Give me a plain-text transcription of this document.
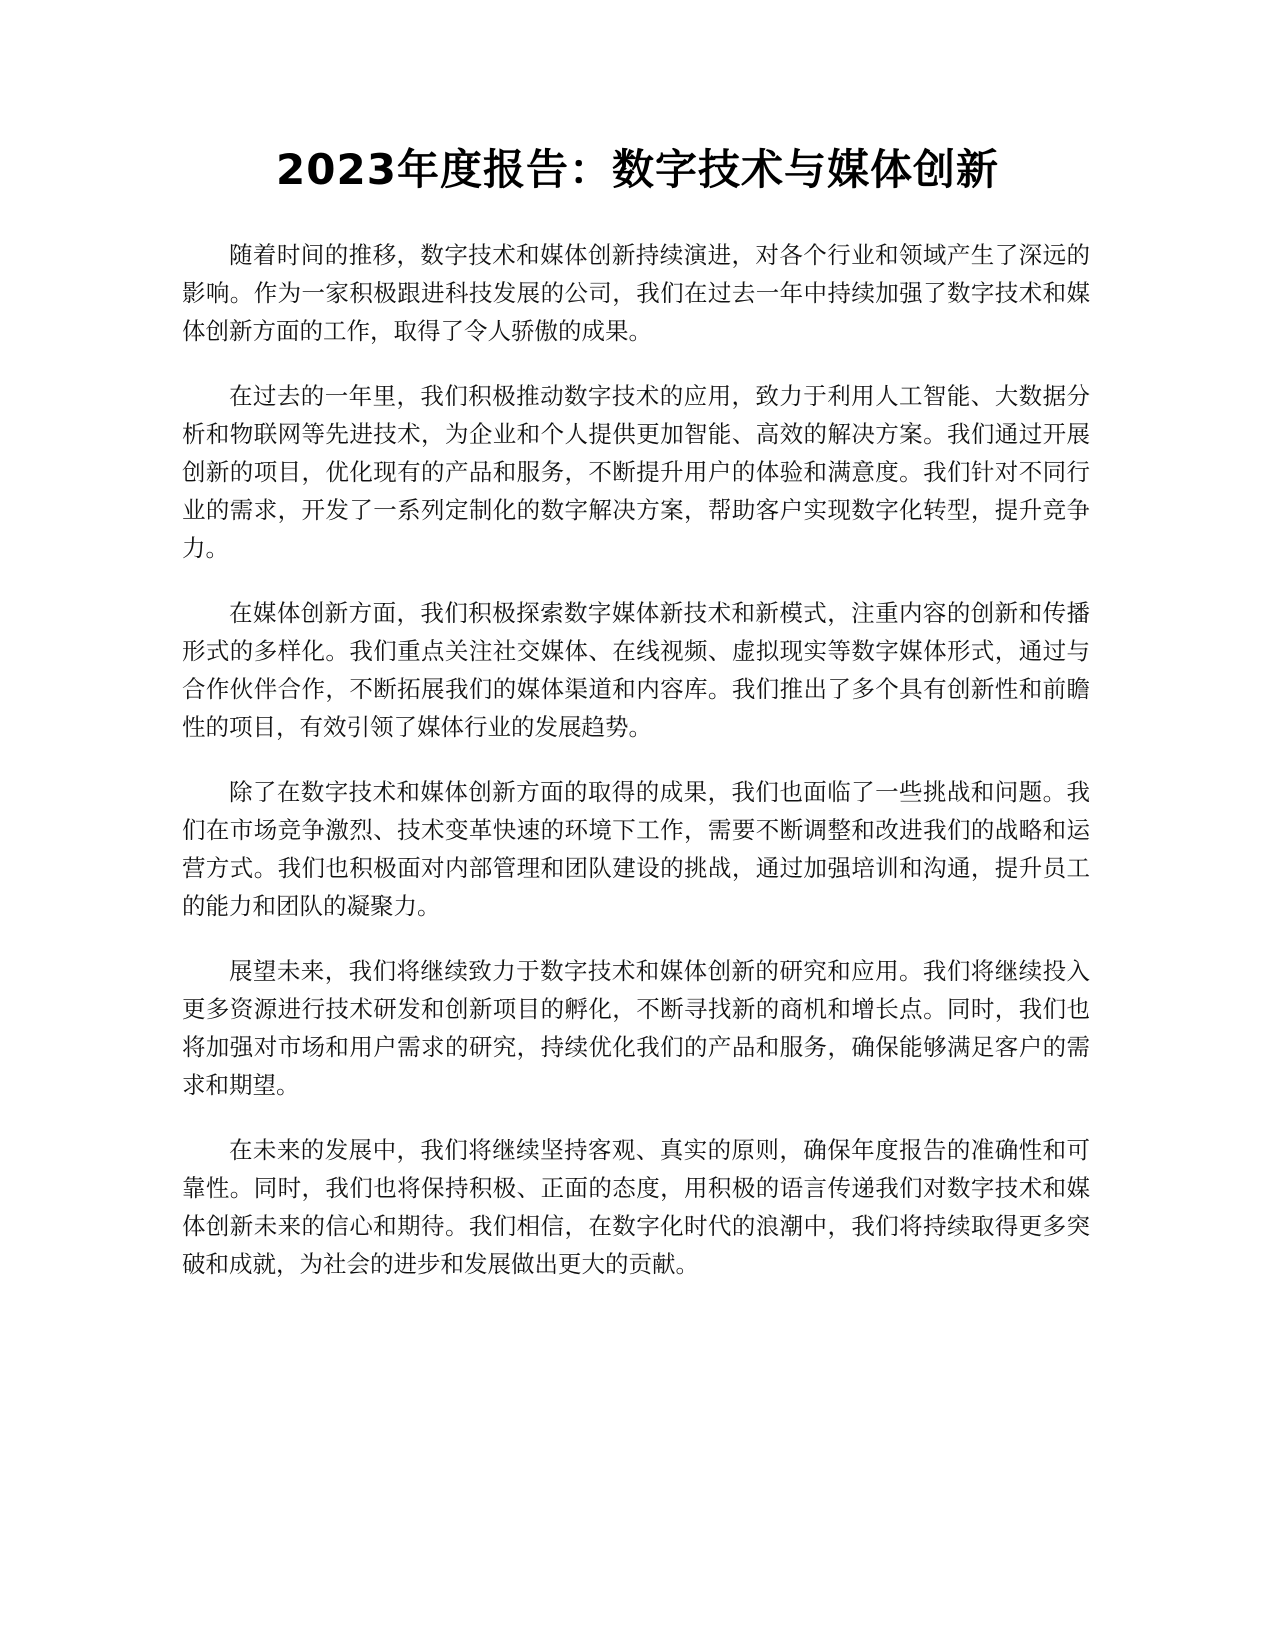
2023年度报告：数字技术与媒体创新

随着时间的推移，数字技术和媒体创新持续演进，对各个行业和领域产生了深远的影响。作为一家积极跟进科技发展的公司，我们在过去一年中持续加强了数字技术和媒体创新方面的工作，取得了令人骄傲的成果。

在过去的一年里，我们积极推动数字技术的应用，致力于利用人工智能、大数据分析和物联网等先进技术，为企业和个人提供更加智能、高效的解决方案。我们通过开展创新的项目，优化现有的产品和服务，不断提升用户的体验和满意度。我们针对不同行业的需求，开发了一系列定制化的数字解决方案，帮助客户实现数字化转型，提升竞争力。

在媒体创新方面，我们积极探索数字媒体新技术和新模式，注重内容的创新和传播形式的多样化。我们重点关注社交媒体、在线视频、虚拟现实等数字媒体形式，通过与合作伙伴合作，不断拓展我们的媒体渠道和内容库。我们推出了多个具有创新性和前瞻性的项目，有效引领了媒体行业的发展趋势。

除了在数字技术和媒体创新方面的取得的成果，我们也面临了一些挑战和问题。我们在市场竞争激烈、技术变革快速的环境下工作，需要不断调整和改进我们的战略和运营方式。我们也积极面对内部管理和团队建设的挑战，通过加强培训和沟通，提升员工的能力和团队的凝聚力。

展望未来，我们将继续致力于数字技术和媒体创新的研究和应用。我们将继续投入更多资源进行技术研发和创新项目的孵化，不断寻找新的商机和增长点。同时，我们也将加强对市场和用户需求的研究，持续优化我们的产品和服务，确保能够满足客户的需求和期望。

在未来的发展中，我们将继续坚持客观、真实的原则，确保年度报告的准确性和可靠性。同时，我们也将保持积极、正面的态度，用积极的语言传递我们对数字技术和媒体创新未来的信心和期待。我们相信，在数字化时代的浪潮中，我们将持续取得更多突破和成就，为社会的进步和发展做出更大的贡献。
